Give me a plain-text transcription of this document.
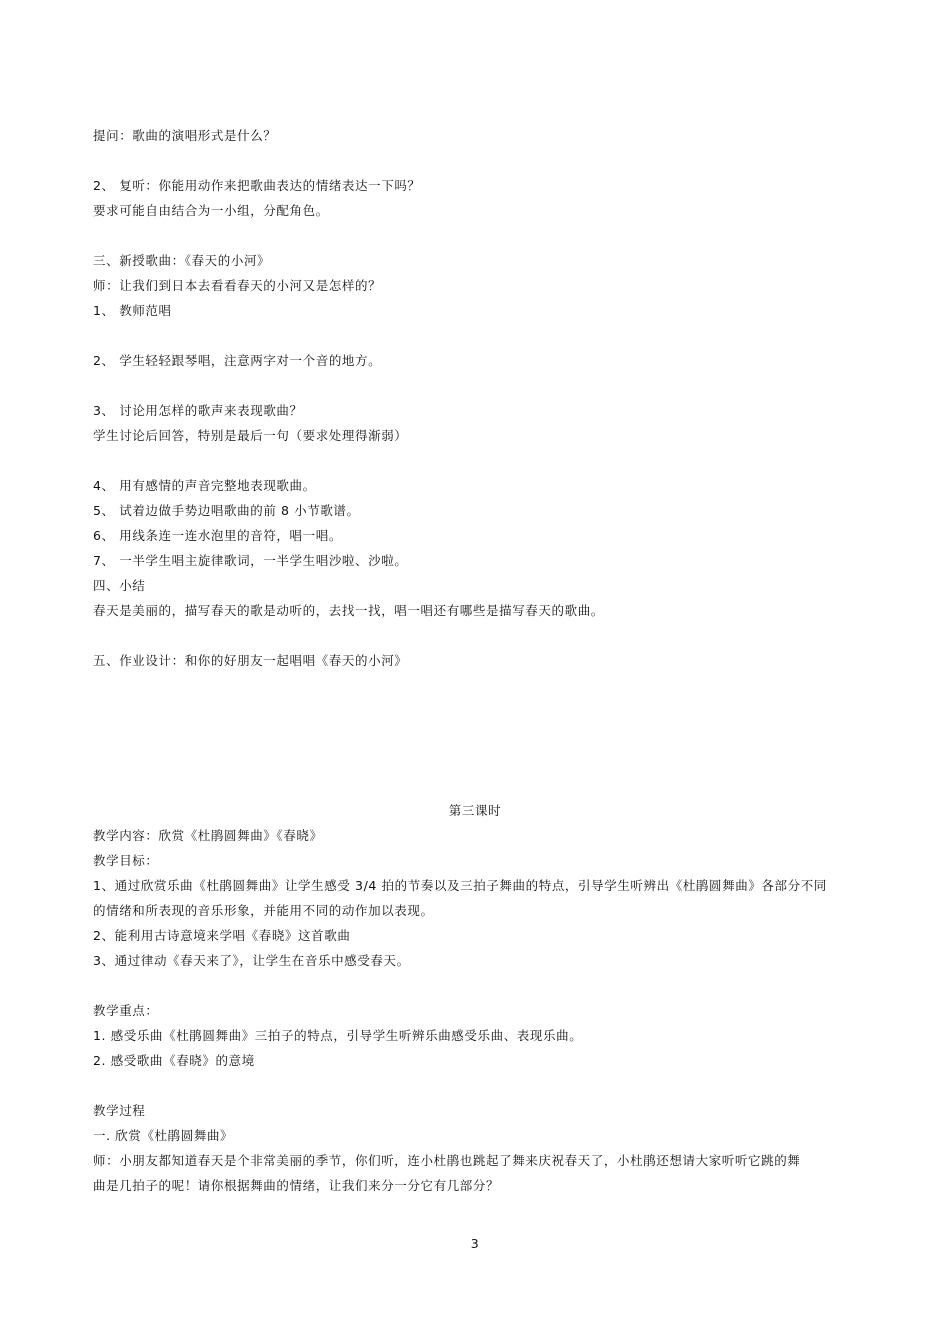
提问：歌曲的演唱形式是什么？
2、 复听：你能用动作来把歌曲表达的情绪表达一下吗？
要求可能自由结合为一小组，分配角色。
三、新授歌曲：《春天的小河》
师：让我们到日本去看看春天的小河又是怎样的？
1、 教师范唱
2、 学生轻轻跟琴唱，注意两字对一个音的地方。
3、 讨论用怎样的歌声来表现歌曲？
学生讨论后回答，特别是最后一句（要求处理得渐弱）
4、 用有感情的声音完整地表现歌曲。
5、 试着边做手势边唱歌曲的前 8 小节歌谱。
6、 用线条连一连水泡里的音符，唱一唱。
7、 一半学生唱主旋律歌词，一半学生唱沙啦、沙啦。
四、小结
春天是美丽的，描写春天的歌是动听的，去找一找，唱一唱还有哪些是描写春天的歌曲。
五、作业设计：和你的好朋友一起唱唱《春天的小河》
第三课时
教学内容：欣赏《杜鹃圆舞曲》《春晓》
教学目标：
1、通过欣赏乐曲《杜鹃圆舞曲》让学生感受 3/4 拍的节奏以及三拍子舞曲的特点，引导学生听辨出《杜鹃圆舞曲》各部分不同
的情绪和所表现的音乐形象，并能用不同的动作加以表现。
2、能利用古诗意境来学唱《春晓》这首歌曲
3、通过律动《春天来了》，让学生在音乐中感受春天。
教学重点：
1. 感受乐曲《杜鹃圆舞曲》三拍子的特点，引导学生听辨乐曲感受乐曲、表现乐曲。
2. 感受歌曲《春晓》的意境
教学过程
一. 欣赏《杜鹃圆舞曲》
师：小朋友都知道春天是个非常美丽的季节，你们听，连小杜鹃也跳起了舞来庆祝春天了，小杜鹃还想请大家听听它跳的舞
曲是几拍子的呢！请你根据舞曲的情绪，让我们来分一分它有几部分？
3
